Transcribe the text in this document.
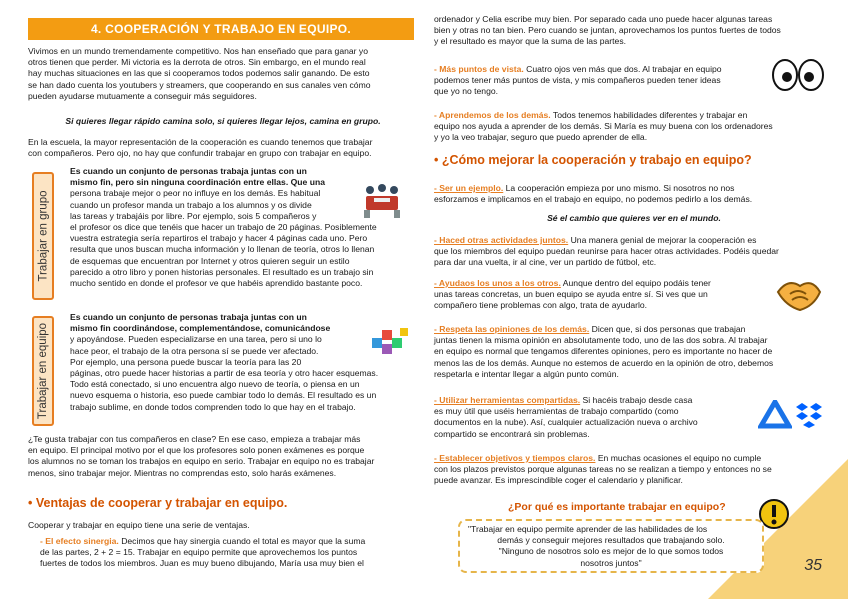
4. COOPERACIÓN Y TRABAJO EN EQUIPO.

Vivimos en un mundo tremendamente competitivo. Nos han enseñado que para ganar yo

otros tienen que perder. Mi victoria es la derrota de otros. Sin embargo, en el mundo real

hay muchas situaciones en las que si cooperamos todos podemos salir ganando. De esto

se han dado cuenta los youtubers y streamers, que cooperando en sus canales ven cómo

pueden ayudarse mutuamente a conseguir más seguidores.

Si quieres llegar rápido camina solo, si quieres llegar lejos, camina en grupo.

En la escuela, la mayor representación de la cooperación es cuando tenemos que trabajar

con compañeros. Pero ojo, no hay que confundir trabajar en grupo con trabajar en equipo.

Trabajar en grupo

Es cuando un conjunto de personas trabaja juntas con un

mismo fin, pero sin ninguna coordinación entre ellas. Que una

persona trabaje mejor o peor no influye en los demás. Es habitual

cuando un profesor manda un trabajo a los alumnos y os divide

las tareas y trabajáis por libre. Por ejemplo, sois 5 compañeros y

el profesor os dice que tenéis que hacer un trabajo de 20 páginas. Posiblemente

vuestra estrategia sería repartiros el trabajo y hacer 4 páginas cada uno. Pero

resulta que unos buscan mucha información y lo llenan de teoría, otros lo llenan

de esquemas que encuentran por Internet y otros quieren seguir un estilo

parecido a otro libro y ponen historias personales. El resultado es un trabajo sin

mucho sentido en donde el profesor ve que habéis aprendido bastante poco.

Trabajar en equipo

Es cuando un conjunto de personas trabaja juntas con un

mismo fin coordinándose, complementándose, comunicándose

y apoyándose. Pueden especializarse en una tarea, pero si uno lo

hace peor, el trabajo de la otra persona sí se puede ver afectado.

Por ejemplo, una persona puede buscar la teoría para las 20

páginas, otro puede hacer historias a partir de esa teoría y otro hacer esquemas.

Todo está conectado, si uno encuentra algo nuevo de teoría, o piensa en un

nuevo esquema o historia, eso puede cambiar todo lo demás. El resultado es un

trabajo sublime, en donde todos comprenden todo lo que hay en el trabajo.

¿Te gusta trabajar con tus compañeros en clase? En ese caso, empieza a trabajar más

en equipo. El principal motivo por el que los profesores solo ponen exámenes es porque

los alumnos no se toman los trabajos en equipo en serio. Trabajar en equipo no es trabajar

menos, sino trabajar mejor. Mientras no comprendas esto, solo harás exámenes.

• Ventajas de cooperar y trabajar en equipo.

Cooperar y trabajar en equipo tiene una serie de ventajas.

- El efecto sinergia. Decimos que hay sinergia cuando el total es mayor que la suma

de las partes, 2 + 2 = 15. Trabajar en equipo permite que aprovechemos los puntos

fuertes de todos los miembros. Juan es muy bueno dibujando, María usa muy bien el

ordenador y Celia escribe muy bien. Por separado cada uno puede hacer algunas tareas

bien y otras no tan bien. Pero cuando se juntan, aprovechamos los puntos fuertes de todos

y el resultado es mayor que la suma de las partes.

- Más puntos de vista. Cuatro ojos ven más que dos. Al trabajar en equipo

podemos tener más puntos de vista, y mis compañeros pueden tener ideas

que yo no tengo.

- Aprendemos de los demás. Todos tenemos habilidades diferentes y trabajar en

equipo nos ayuda a aprender de los demás. Si María es muy buena con los ordenadores

y yo la veo trabajar, seguro que puedo aprender de ella.

• ¿Cómo mejorar la cooperación y trabajo en equipo?

- Ser un ejemplo. La cooperación empieza por uno mismo. Si nosotros no nos

esforzamos e implicamos en el trabajo en equipo, no podemos pedirlo a los demás.

Sé el cambio que quieres ver en el mundo.

- Haced otras actividades juntos. Una manera genial de mejorar la cooperación es

que los miembros del equipo puedan reunirse para hacer otras actividades. Podéis quedar

para dar una vuelta, ir al cine, ver un partido de fútbol, etc.

- Ayudaos los unos a los otros. Aunque dentro del equipo podáis tener

unas tareas concretas, un buen equipo se ayuda entre sí. Si ves que un

compañero tiene problemas con algo, trata de ayudarlo.

- Respeta las opiniones de los demás. Dicen que, si dos personas que trabajan

juntas tienen la misma opinión en absolutamente todo, uno de las dos sobra. Al trabajar

en equipo es normal que tengamos diferentes opiniones, pero es importante no hacer de

menos las de los demás. Aunque no estemos de acuerdo en la opinión de otro, debemos

respetarla e intentar llegar a algún punto común.

- Utilizar herramientas compartidas. Si hacéis trabajo desde casa

es muy útil que uséis herramientas de trabajo compartido (como

documentos en la nube). Así, cualquier actualización nueva o archivo

compartido se encontrará sin problemas.

- Establecer objetivos y tiempos claros. En muchas ocasiones el equipo no cumple

con los plazos previstos porque algunas tareas no se realizan a tiempo y entonces no se

puede avanzar. Es imprescindible coger el calendario y planificar.

¿Por qué es importante trabajar en equipo?

"Trabajar en equipo permite aprender de las habilidades de los

demás y conseguir mejores resultados que trabajando solo.

"Ninguno de nosotros solo es mejor de lo que somos todos

nosotros juntos"	35
